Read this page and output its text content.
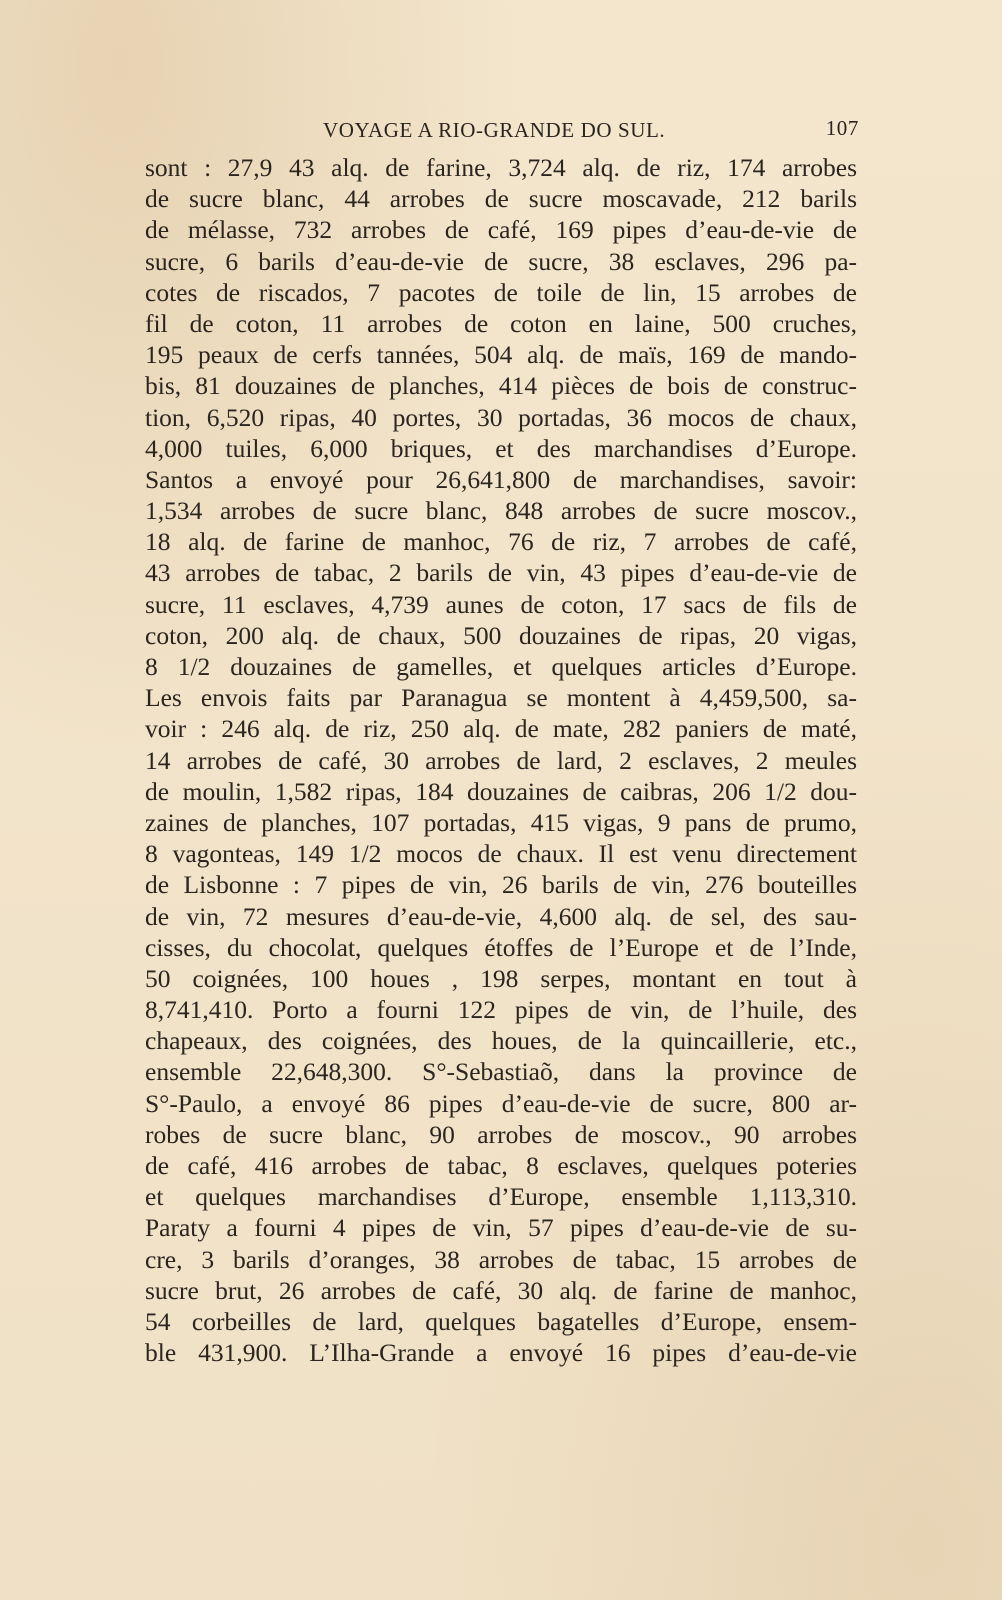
VOYAGE A RIO-GRANDE DO SUL.	107
sont : 27,9 43 alq. de farine, 3,724 alq. de riz, 174 arrobes
de sucre blanc, 44 arrobes de sucre moscavade, 212 barils
de mélasse, 732 arrobes de café, 169 pipes d’eau-de-vie de
sucre, 6 barils d’eau-de-vie de sucre, 38 esclaves, 296 pa-
cotes de riscados, 7 pacotes de toile de lin, 15 arrobes de
fil de coton, 11 arrobes de coton en laine, 500 cruches,
195 peaux de cerfs tannées, 504 alq. de maïs, 169 de mando-
bis, 81 douzaines de planches, 414 pièces de bois de construc-
tion, 6,520 ripas, 40 portes, 30 portadas, 36 mocos de chaux,
4,000 tuiles, 6,000 briques, et des marchandises d’Europe.
Santos a envoyé pour 26,641,800 de marchandises, savoir:
1,534 arrobes de sucre blanc, 848 arrobes de sucre moscov.,
18 alq. de farine de manhoc, 76 de riz, 7 arrobes de café,
43 arrobes de tabac, 2 barils de vin, 43 pipes d’eau-de-vie de
sucre, 11 esclaves, 4,739 aunes de coton, 17 sacs de fils de
coton, 200 alq. de chaux, 500 douzaines de ripas, 20 vigas,
8 1/2 douzaines de gamelles, et quelques articles d’Europe.
Les envois faits par Paranagua se montent à 4,459,500, sa-
voir : 246 alq. de riz, 250 alq. de mate, 282 paniers de maté,
14 arrobes de café, 30 arrobes de lard, 2 esclaves, 2 meules
de moulin, 1,582 ripas, 184 douzaines de caibras, 206 1/2 dou-
zaines de planches, 107 portadas, 415 vigas, 9 pans de prumo,
8 vagonteas, 149 1/2 mocos de chaux. Il est venu directement
de Lisbonne : 7 pipes de vin, 26 barils de vin, 276 bouteilles
de vin, 72 mesures d’eau-de-vie, 4,600 alq. de sel, des sau-
cisses, du chocolat, quelques étoffes de l’Europe et de l’Inde,
50 coignées, 100 houes , 198 serpes, montant en tout à
8,741,410. Porto a fourni 122 pipes de vin, de l’huile, des
chapeaux, des coignées, des houes, de la quincaillerie, etc.,
ensemble 22,648,300. S°-Sebastiaõ, dans la province de
S°-Paulo, a envoyé 86 pipes d’eau-de-vie de sucre, 800 ar-
robes de sucre blanc, 90 arrobes de moscov., 90 arrobes
de café, 416 arrobes de tabac, 8 esclaves, quelques poteries
et quelques marchandises d’Europe, ensemble 1,113,310.
Paraty a fourni 4 pipes de vin, 57 pipes d’eau-de-vie de su-
cre, 3 barils d’oranges, 38 arrobes de tabac, 15 arrobes de
sucre brut, 26 arrobes de café, 30 alq. de farine de manhoc,
54 corbeilles de lard, quelques bagatelles d’Europe, ensem-
ble 431,900. L’Ilha-Grande a envoyé 16 pipes d’eau-de-vie
